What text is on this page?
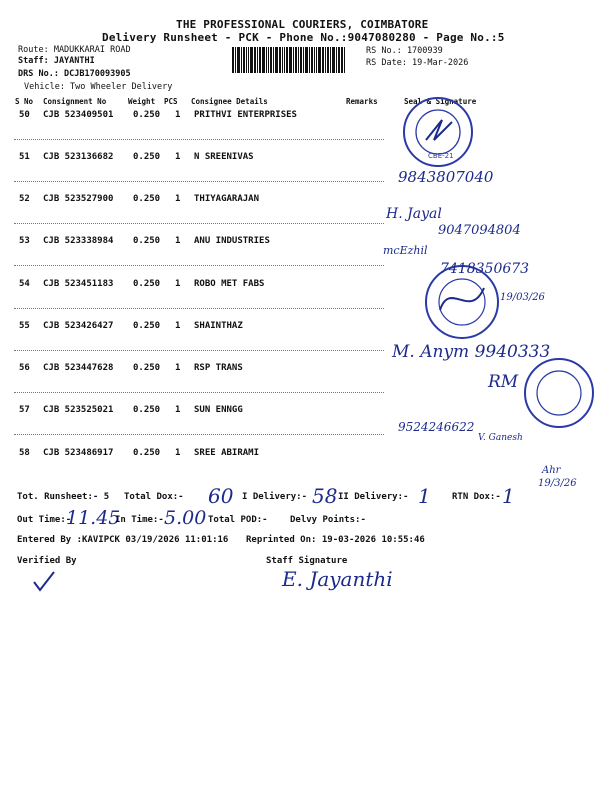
THE PROFESSIONAL COURIERS, COIMBATORE
Delivery Runsheet - PCK - Phone No.:9047080280 - Page No.:5
Route: MADUKKARAI ROAD
Staff: JAYANTHI
DRS No.: DCJB170093905
Vehicle: Two Wheeler Delivery
RS No.: 1700939
RS Date: 19-Mar-2026
S No Consignment No	Weight PCS Consignee Details	Remarks	Seal & Signature
50 CJB 523409501 0.250 1 PRITHVI ENTERPRISES
51 CJB 523136682 0.250 1 N SREENIVAS
52 CJB 523527900 0.250 1 THIYAGARAJAN
53 CJB 523338984 0.250 1 ANU INDUSTRIES
54 CJB 523451183 0.250 1 ROBO MET FABS
55 CJB 523426427 0.250 1 SHAINTHAZ
56 CJB 523447628 0.250 1 RSP TRANS
57 CJB 523525021 0.250 1 SUN ENNGG
58 CJB 523486917 0.250 1 SREE ABIRAMI
CBE-21
9843807040
H. Jayal
9047094804
mcEzhil
7418350673
19/03/26
M. Anym 9940333
RM
9524246622
V. Ganesh
Ahr
19/3/26
Tot. Runsheet:- 5 Total Dox:- 60 I Delivery:- 58 II Delivery:- 1 RTN Dox:- 1
Out Time:-
11.45
In Time:- 5.00 Total POD:- Delvy Points:-
Entered By :KAVIPCK 03/19/2026 11:01:16 Reprinted On: 19-03-2026 10:55:46
Verified By	Staff Signature
E. Jayanthi
